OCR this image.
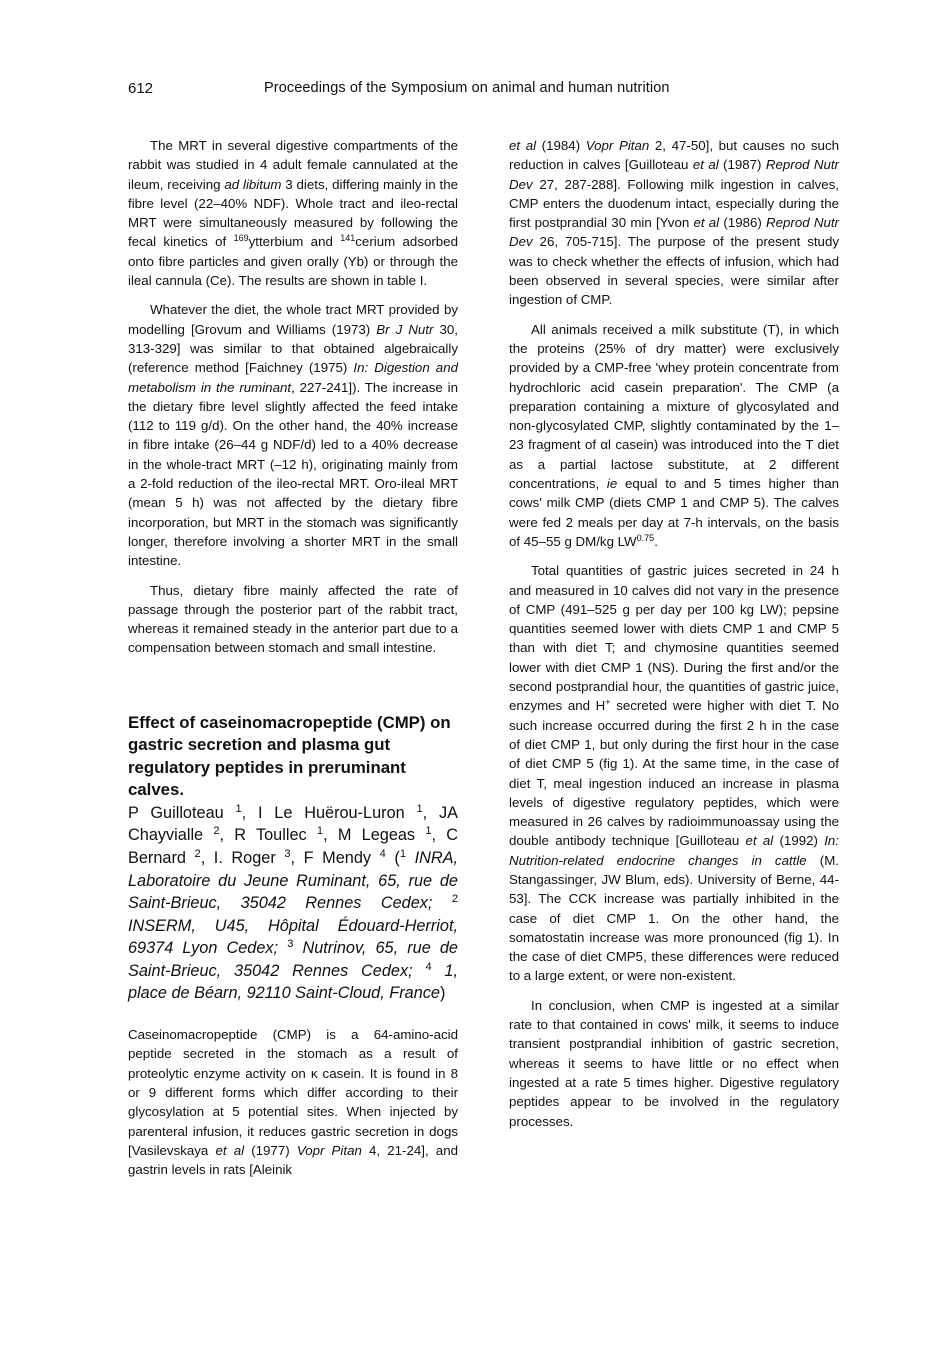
612	Proceedings of the Symposium on animal and human nutrition

The MRT in several digestive compartments of the rabbit was studied in 4 adult female cannulated at the ileum, receiving ad libitum 3 diets, differing mainly in the fibre level (22–40% NDF). Whole tract and ileo-rectal MRT were simultaneously measured by following the fecal kinetics of $^{169}$ytterbium and $^{141}$cerium adsorbed onto fibre particles and given orally (Yb) or through the ileal cannula (Ce). The results are shown in table I.

Whatever the diet, the whole tract MRT provided by modelling [Grovum and Williams (1973) Br J Nutr 30, 313-329] was similar to that obtained algebraically (reference method [Faichney (1975) In: Digestion and metabolism in the ruminant, 227-241]). The increase in the dietary fibre level slightly affected the feed intake (112 to 119 g/d). On the other hand, the 40% increase in fibre intake (26–44 g NDF/d) led to a 40% decrease in the whole-tract MRT (–12 h), originating mainly from a 2-fold reduction of the ileo-rectal MRT. Oro-ileal MRT (mean 5 h) was not affected by the dietary fibre incorporation, but MRT in the stomach was significantly longer, therefore involving a shorter MRT in the small intestine.

Thus, dietary fibre mainly affected the rate of passage through the posterior part of the rabbit tract, whereas it remained steady in the anterior part due to a compensation between stomach and small intestine.

Effect of caseinomacropeptide (CMP) on gastric secretion and plasma gut regulatory peptides in preruminant calves.
P Guilloteau $^1$, I Le Huërou-Luron $^1$, JA Chayvialle $^2$, R Toullec $^1$, M Legeas $^1$, C Bernard $^2$, I. Roger $^3$, F Mendy $^4$ ($^1$ INRA, Laboratoire du Jeune Ruminant, 65, rue de Saint-Brieuc, 35042 Rennes Cedex; $^2$ INSERM, U45, Hôpital Édouard-Herriot, 69374 Lyon Cedex; $^3$ Nutrinov, 65, rue de Saint-Brieuc, 35042 Rennes Cedex; $^4$ 1, place de Béarn, 92110 Saint-Cloud, France)

Caseinomacropeptide (CMP) is a 64-amino-acid peptide secreted in the stomach as a result of proteolytic enzyme activity on κ casein. It is found in 8 or 9 different forms which differ according to their glycosylation at 5 potential sites. When injected by parenteral infusion, it reduces gastric secretion in dogs [Vasilevskaya et al (1977) Vopr Pitan 4, 21-24], and gastrin levels in rats [Aleinik

et al (1984) Vopr Pitan 2, 47-50], but causes no such reduction in calves [Guilloteau et al (1987) Reprod Nutr Dev 27, 287-288]. Following milk ingestion in calves, CMP enters the duodenum intact, especially during the first postprandial 30 min [Yvon et al (1986) Reprod Nutr Dev 26, 705-715]. The purpose of the present study was to check whether the effects of infusion, which had been observed in several species, were similar after ingestion of CMP.

All animals received a milk substitute (T), in which the proteins (25% of dry matter) were exclusively provided by a CMP-free 'whey protein concentrate from hydrochloric acid casein preparation'. The CMP (a preparation containing a mixture of glycosylated and non-glycosylated CMP, slightly contaminated by the 1–23 fragment of αl casein) was introduced into the T diet as a partial lactose substitute, at 2 different concentrations, ie equal to and 5 times higher than cows' milk CMP (diets CMP 1 and CMP 5). The calves were fed 2 meals per day at 7-h intervals, on the basis of 45–55 g DM/kg $LW^{0.75}$.

Total quantities of gastric juices secreted in 24 h and measured in 10 calves did not vary in the presence of CMP (491–525 g per day per 100 kg LW); pepsine quantities seemed lower with diets CMP 1 and CMP 5 than with diet T; and chymosine quantities seemed lower with diet CMP 1 (NS). During the first and/or the second postprandial hour, the quantities of gastric juice, enzymes and H+ secreted were higher with diet T. No such increase occurred during the first 2 h in the case of diet CMP 1, but only during the first hour in the case of diet CMP 5 (fig 1). At the same time, in the case of diet T, meal ingestion induced an increase in plasma levels of digestive regulatory peptides, which were measured in 26 calves by radioimmunoassay using the double antibody technique [Guilloteau et al (1992) In: Nutrition-related endocrine changes in cattle (M. Stangassinger, JW Blum, eds). University of Berne, 44-53]. The CCK increase was partially inhibited in the case of diet CMP 1. On the other hand, the somatostatin increase was more pronounced (fig 1). In the case of diet CMP5, these differences were reduced to a large extent, or were non-existent.

In conclusion, when CMP is ingested at a similar rate to that contained in cows' milk, it seems to induce transient postprandial inhibition of gastric secretion, whereas it seems to have little or no effect when ingested at a rate 5 times higher. Digestive regulatory peptides appear to be involved in the regulatory processes.
